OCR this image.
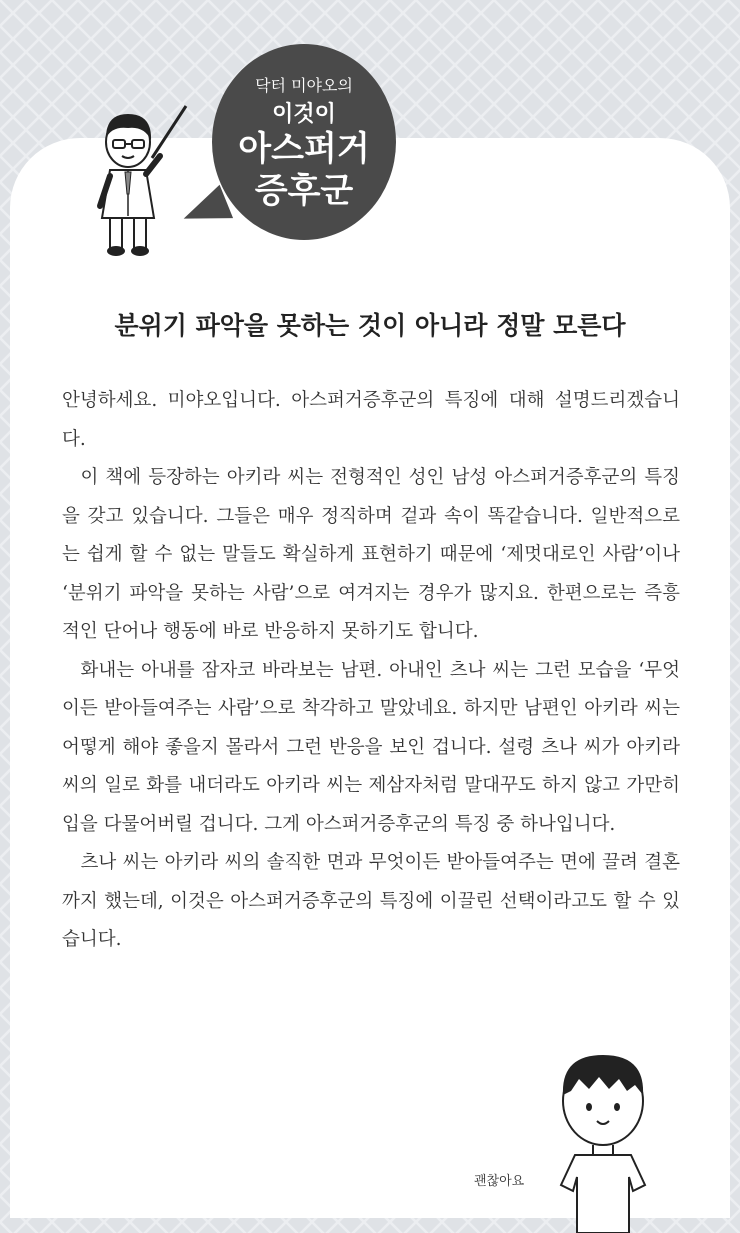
닥터 미야오의
이것이
아스퍼거
증후군
분위기 파악을 못하는 것이 아니라 정말 모른다

안녕하세요. 미야오입니다. 아스퍼거증후군의 특징에 대해 설명드리겠습니다.

이 책에 등장하는 아키라 씨는 전형적인 성인 남성 아스퍼거증후군의 특징을 갖고 있습니다. 그들은 매우 정직하며 겉과 속이 똑같습니다. 일반적으로는 쉽게 할 수 없는 말들도 확실하게 표현하기 때문에 ‘제멋대로인 사람’이나 ‘분위기 파악을 못하는 사람’으로 여겨지는 경우가 많지요. 한편으로는 즉흥적인 단어나 행동에 바로 반응하지 못하기도 합니다.

화내는 아내를 잠자코 바라보는 남편. 아내인 츠나 씨는 그런 모습을 ‘무엇이든 받아들여주는 사람’으로 착각하고 말았네요. 하지만 남편인 아키라 씨는 어떻게 해야 좋을지 몰라서 그런 반응을 보인 겁니다. 설령 츠나 씨가 아키라 씨의 일로 화를 내더라도 아키라 씨는 제삼자처럼 말대꾸도 하지 않고 가만히 입을 다물어버릴 겁니다. 그게 아스퍼거증후군의 특징 중 하나입니다.

츠나 씨는 아키라 씨의 솔직한 면과 무엇이든 받아들여주는 면에 끌려 결혼까지 했는데, 이것은 아스퍼거증후군의 특징에 이끌린 선택이라고도 할 수 있습니다.

괜찮아요
